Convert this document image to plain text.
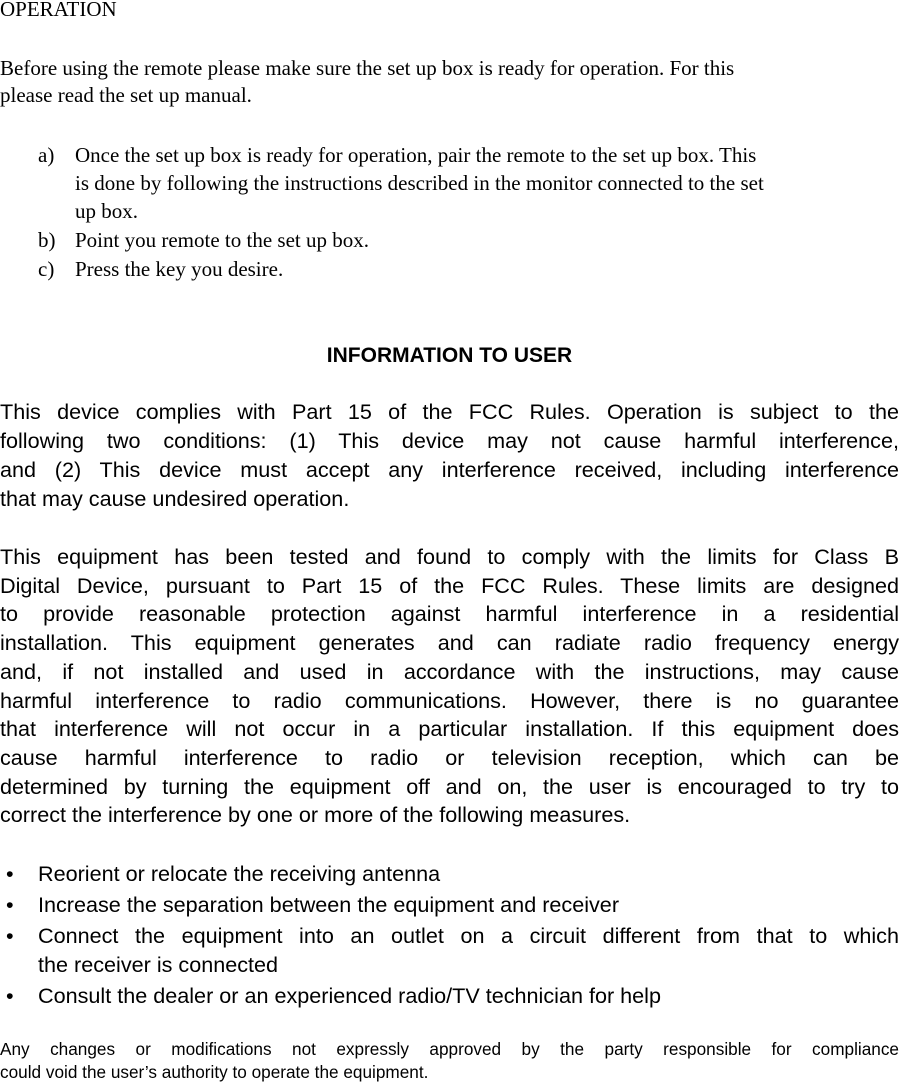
OPERATION
Before using the remote please make sure the set up box is ready for operation. For this
please read the set up manual.
a) Once the set up box is ready for operation, pair the remote to the set up box. This
is done by following the instructions described in the monitor connected to the set
up box.
b) Point you remote to the set up box.
c) Press the key you desire.
INFORMATION TO USER
This device complies with Part 15 of the FCC Rules. Operation is subject to the
following two conditions: (1) This device may not cause harmful interference,
and (2) This device must accept any interference received, including interference
that may cause undesired operation.
This equipment has been tested and found to comply with the limits for Class B
Digital Device, pursuant to Part 15 of the FCC Rules. These limits are designed
to provide reasonable protection against harmful interference in a residential
installation. This equipment generates and can radiate radio frequency energy
and, if not installed and used in accordance with the instructions, may cause
harmful interference to radio communications. However, there is no guarantee
that interference will not occur in a particular installation. If this equipment does
cause harmful interference to radio or television reception, which can be
determined by turning the equipment off and on, the user is encouraged to try to
correct the interference by one or more of the following measures.
• Reorient or relocate the receiving antenna
• Increase the separation between the equipment and receiver
• Connect the equipment into an outlet on a circuit different from that to which
the receiver is connected
• Consult the dealer or an experienced radio/TV technician for help
Any changes or modifications not expressly approved by the party responsible for compliance
could void the user’s authority to operate the equipment.
